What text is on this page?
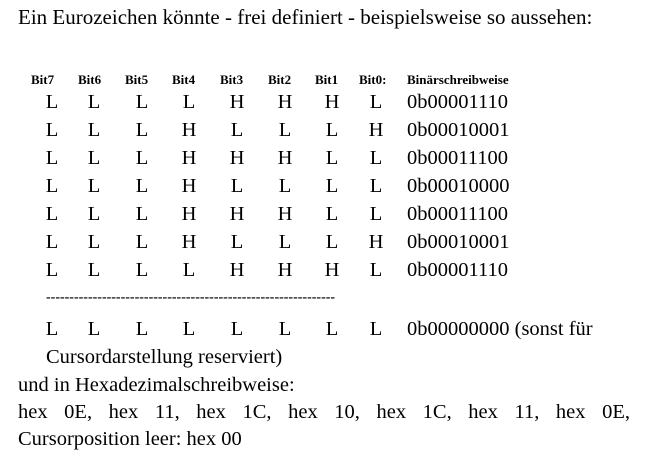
Ein Eurozeichen könnte - frei definiert - beispielsweise so aussehen:

Bit7 Bit6 Bit5 Bit4 Bit3 Bit2 Bit1 Bit0: Binärschreibweise
L	L	L	L	H	H	H	L	0b00001110
L	L	L	H	L	L	L	H	0b00010001
L	L	L	H	H	H	L	L	0b00011100
L	L	L	H	L	L	L	L	0b00010000
L	L	L	H	H	H	L	L	0b00011100
L	L	L	H	L	L	L	H	0b00010001
L	L	L	L	H	H	H	L	0b00001110
--------------------------------------------------------------
L	L	L	L	L	L	L	L	0b00000000 (sonst für
Cursordarstellung reserviert)

und in Hexadezimalschreibweise:

hex 0E, hex 11, hex 1C, hex 10, hex 1C, hex 11, hex 0E,

Cursorposition leer: hex 00
